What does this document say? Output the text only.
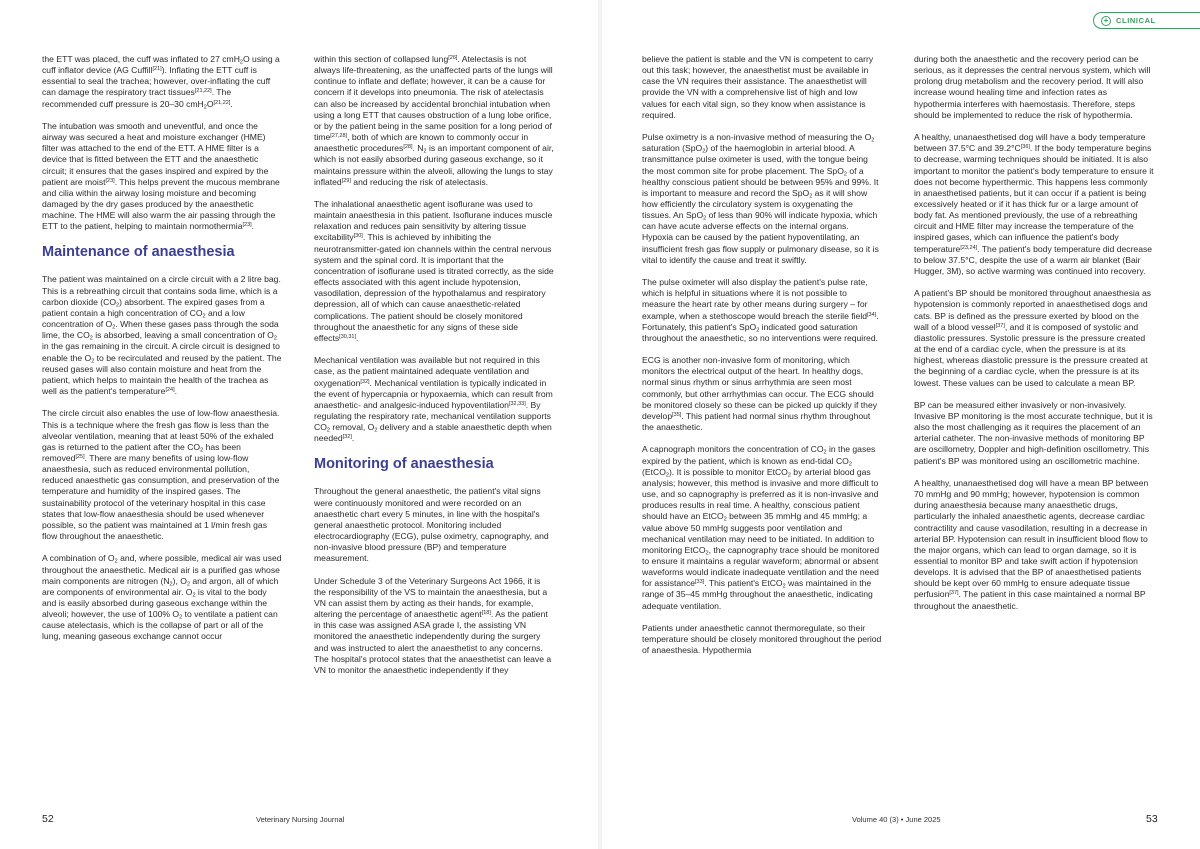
the ETT was placed, the cuff was inflated to 27 cmH$_2$O using a cuff inflator device (AG Cuffill[21]). Inflating the ETT cuff is essential to seal the trachea; however, over-inflating the cuff can damage the respiratory tract tissues[21,22]. The recommended cuff pressure is 20–30 cmH$_2$O[21,22].

The intubation was smooth and uneventful, and once the airway was secured a heat and moisture exchanger (HME) filter was attached to the end of the ETT. A HME filter is a device that is fitted between the ETT and the anaesthetic circuit; it ensures that the gases inspired and expired by the patient are moist[23]. This helps prevent the mucous membrane and cilia within the airway losing moisture and becoming damaged by the dry gases produced by the anaesthetic machine. The HME will also warm the air passing through the ETT to the patient, helping to maintain normothermia[23].

Maintenance of anaesthesia

The patient was maintained on a circle circuit with a 2 litre bag. This is a rebreathing circuit that contains soda lime, which is a carbon dioxide $(CO_2)$ absorbent. The expired gases from a patient contain a high concentration of $CO_2$ and a low concentration of $O_2$. When these gases pass through the soda lime, the $CO_2$ is absorbed, leaving a small concentration of $O_2$ in the gas remaining in the circuit. A circle circuit is designed to enable the $O_2$ to be recirculated and reused by the patient. The reused gases will also contain moisture and heat from the patient, which helps to maintain the health of the trachea as well as the patient's temperature[24].

The circle circuit also enables the use of low-flow anaesthesia. This is a technique where the fresh gas flow is less than the alveolar ventilation, meaning that at least 50% of the exhaled gas is returned to the patient after the $CO_2$ has been removed[25]. There are many benefits of using low-flow anaesthesia, such as reduced environmental pollution, reduced anaesthetic gas consumption, and preservation of the temperature and humidity of the inspired gases. The sustainability protocol of the veterinary hospital in this case states that low-flow anaesthesia should be used whenever possible, so the patient was maintained at 1 l/min fresh gas flow throughout the anaesthetic.

A combination of $O_2$ and, where possible, medical air was used throughout the anaesthetic. Medical air is a purified gas whose main components are nitrogen $(N_2)$, $O_2$ and argon, all of which are components of environmental air. $O_2$ is vital to the body and is easily absorbed during gaseous exchange within the alveoli; however, the use of 100% $O_2$ to ventilate a patient can cause atelectasis, which is the collapse of part or all of the lung, meaning gaseous exchange cannot occur

within this section of collapsed lung[26]. Atelectasis is not always life-threatening, as the unaffected parts of the lungs will continue to inflate and deflate; however, it can be a cause for concern if it develops into pneumonia. The risk of atelectasis can also be increased by accidental bronchial intubation when using a long ETT that causes obstruction of a lung lobe orifice, or by the patient being in the same position for a long period of time[27,28], both of which are known to commonly occur in anaesthetic procedures[28]. $N_2$ is an important component of air, which is not easily absorbed during gaseous exchange, so it maintains pressure within the alveoli, allowing the lungs to stay inflated[29] and reducing the risk of atelectasis.

The inhalational anaesthetic agent isoflurane was used to maintain anaesthesia in this patient. Isoflurane induces muscle relaxation and reduces pain sensitivity by altering tissue excitability[30]. This is achieved by inhibiting the neurotransmitter-gated ion channels within the central nervous system and the spinal cord. It is important that the concentration of isoflurane used is titrated correctly, as the side effects associated with this agent include hypotension, vasodilation, depression of the hypothalamus and respiratory depression, all of which can cause anaesthetic-related complications. The patient should be closely monitored throughout the anaesthetic for any signs of these side effects[30,31].

Mechanical ventilation was available but not required in this case, as the patient maintained adequate ventilation and oxygenation[32]. Mechanical ventilation is typically indicated in the event of hypercapnia or hypoxaemia, which can result from anaesthetic- and analgesic-induced hypoventilation[32,33]. By regulating the respiratory rate, mechanical ventilation supports $CO_2$ removal, $O_2$ delivery and a stable anaesthetic depth when needed[32].

Monitoring of anaesthesia

Throughout the general anaesthetic, the patient's vital signs were continuously monitored and were recorded on an anaesthetic chart every 5 minutes, in line with the hospital's general anaesthetic protocol. Monitoring included electrocardiography (ECG), pulse oximetry, capnography, and non-invasive blood pressure (BP) and temperature measurement.

Under Schedule 3 of the Veterinary Surgeons Act 1966, it is the responsibility of the VS to maintain the anaesthesia, but a VN can assist them by acting as their hands, for example, altering the percentage of anaesthetic agent[18]. As the patient in this case was assigned ASA grade I, the assisting VN monitored the anaesthetic independently during the surgery and was instructed to alert the anaesthetist to any concerns. The hospital's protocol states that the anaesthetist can leave a VN to monitor the anaesthetic independently if they

52	Veterinary Nursing Journal
+	CLINICAL

believe the patient is stable and the VN is competent to carry out this task; however, the anaesthetist must be available in case the VN requires their assistance. The anaesthetist will provide the VN with a comprehensive list of high and low values for each vital sign, so they know when assistance is required.

Pulse oximetry is a non-invasive method of measuring the $O_2$ saturation (SpO$_2$) of the haemoglobin in arterial blood. A transmittance pulse oximeter is used, with the tongue being the most common site for probe placement. The SpO$_2$ of a healthy conscious patient should be between 95% and 99%. It is important to measure and record the SpO$_2$ as it will show how efficiently the circulatory system is oxygenating the tissues. An SpO$_2$ of less than 90% will indicate hypoxia, which can have acute adverse effects on the internal organs. Hypoxia can be caused by the patient hypoventilating, an insufficient fresh gas flow supply or pulmonary disease, so it is vital to identify the cause and treat it swiftly.

The pulse oximeter will also display the patient's pulse rate, which is helpful in situations where it is not possible to measure the heart rate by other means during surgery – for example, when a stethoscope would breach the sterile field[34]. Fortunately, this patient's SpO$_2$ indicated good saturation throughout the anaesthetic, so no interventions were required.

ECG is another non-invasive form of monitoring, which monitors the electrical output of the heart. In healthy dogs, normal sinus rhythm or sinus arrhythmia are seen most commonly, but other arrhythmias can occur. The ECG should be monitored closely so these can be picked up quickly if they develop[35]. This patient had normal sinus rhythm throughout the anaesthetic.

A capnograph monitors the concentration of $CO_2$ in the gases expired by the patient, which is known as end-tidal $CO_2$ (EtCO$_2$). It is possible to monitor EtCO$_2$ by arterial blood gas analysis; however, this method is invasive and more difficult to use, and so capnography is preferred as it is non-invasive and produces results in real time. A healthy, conscious patient should have an EtCO$_2$ between 35 mmHg and 45 mmHg; a value above 50 mmHg suggests poor ventilation and mechanical ventilation may need to be initiated. In addition to monitoring EtCO$_2$, the capnography trace should be monitored to ensure it maintains a regular waveform; abnormal or absent waveforms would indicate inadequate ventilation and the need for assistance[33]. This patient's EtCO$_2$ was maintained in the range of 35–45 mmHg throughout the anaesthetic, indicating adequate ventilation.

Patients under anaesthetic cannot thermoregulate, so their temperature should be closely monitored throughout the period of anaesthesia. Hypothermia

during both the anaesthetic and the recovery period can be serious, as it depresses the central nervous system, which will prolong drug metabolism and the recovery period. It will also increase wound healing time and infection rates as hypothermia interferes with haemostasis. Therefore, steps should be implemented to reduce the risk of hypothermia.

A healthy, unanaesthetised dog will have a body temperature between 37.5°C and 39.2°C[36]. If the body temperature begins to decrease, warming techniques should be initiated. It is also important to monitor the patient's body temperature to ensure it does not become hyperthermic. This happens less commonly in anaesthetised patients, but it can occur if a patient is being excessively heated or if it has thick fur or a large amount of body fat. As mentioned previously, the use of a rebreathing circuit and HME filter may increase the temperature of the inspired gases, which can influence the patient's body temperature[23,24]. The patient's body temperature did decrease to below 37.5°C, despite the use of a warm air blanket (Bair Hugger, 3M), so active warming was continued into recovery.

A patient's BP should be monitored throughout anaesthesia as hypotension is commonly reported in anaesthetised dogs and cats. BP is defined as the pressure exerted by blood on the wall of a blood vessel[37], and it is composed of systolic and diastolic pressures. Systolic pressure is the pressure created at the end of a cardiac cycle, when the pressure is at its highest, whereas diastolic pressure is the pressure created at the beginning of a cardiac cycle, when the pressure is at its lowest. These values can be used to calculate a mean BP.

BP can be measured either invasively or non-invasively. Invasive BP monitoring is the most accurate technique, but it is also the most challenging as it requires the placement of an arterial catheter. The non-invasive methods of monitoring BP are oscillometry, Doppler and high-definition oscillometry. This patient's BP was monitored using an oscillometric machine.

A healthy, unanaesthetised dog will have a mean BP between 70 mmHg and 90 mmHg; however, hypotension is common during anaesthesia because many anaesthetic drugs, particularly the inhaled anaesthetic agents, decrease cardiac contractility and cause vasodilation, resulting in a decrease in arterial BP. Hypotension can result in insufficient blood flow to the major organs, which can lead to organ damage, so it is essential to monitor BP and take swift action if hypotension develops. It is advised that the BP of anaesthetised patients should be kept over 60 mmHg to ensure adequate tissue perfusion[37]. The patient in this case maintained a normal BP throughout the anaesthetic.

Volume 40 (3) • June 2025	53
